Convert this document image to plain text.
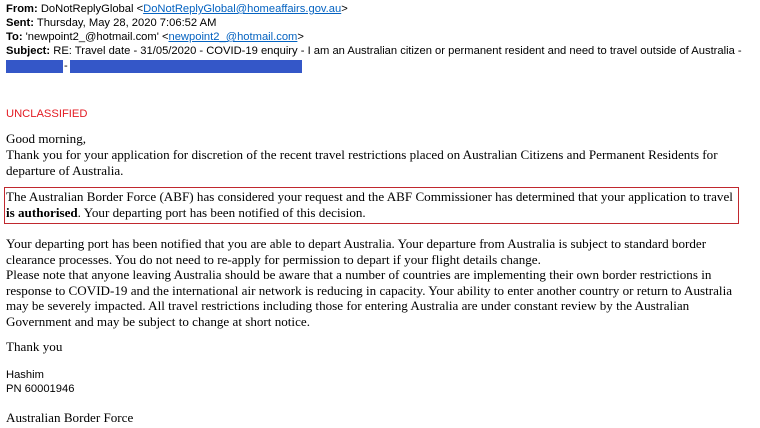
From: DoNotReplyGlobal <DoNotReplyGlobal@homeaffairs.gov.au>
Sent: Thursday, May 28, 2020 7:06:52 AM
To: 'newpoint2_@hotmail.com' <newpoint2_@hotmail.com>
Subject: RE: Travel date - 31/05/2020 - COVID-19 enquiry - I am an Australian citizen or permanent resident and need to travel outside of Australia -
-
UNCLASSIFIED
Good morning,
Thank you for your application for discretion of the recent travel restrictions placed on Australian Citizens and Permanent Residents for departure of Australia.
The Australian Border Force (ABF) has considered your request and the ABF Commissioner has determined that your application to travel is authorised. Your departing port has been notified of this decision.
Your departing port has been notified that you are able to depart Australia. Your departure from Australia is subject to standard border clearance processes. You do not need to re-apply for permission to depart if your flight details change.
Please note that anyone leaving Australia should be aware that a number of countries are implementing their own border restrictions in response to COVID-19 and the international air network is reducing in capacity. Your ability to enter another country or return to Australia may be severely impacted. All travel restrictions including those for entering Australia are under constant review by the Australian Government and may be subject to change at short notice.
Thank you
Hashim
PN 60001946
Australian Border Force
